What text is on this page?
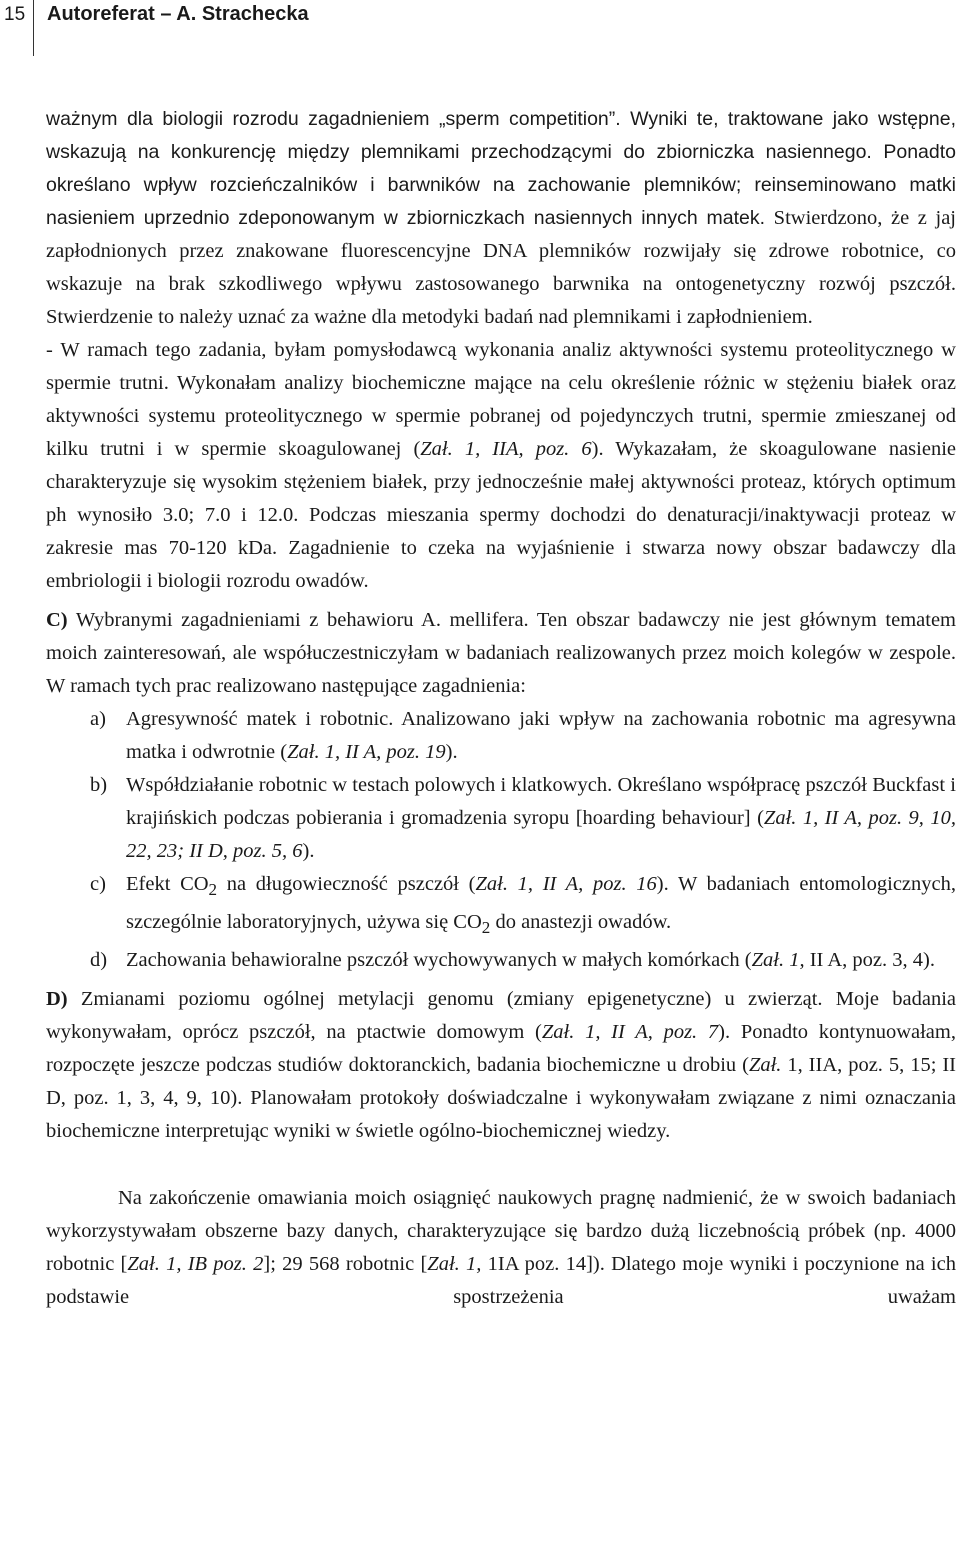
15 Autoreferat – A. Strachecka

ważnym dla biologii rozrodu zagadnieniem „sperm competition”. Wyniki te, traktowane jako wstępne, wskazują na konkurencję między plemnikami przechodzącymi do zbiorniczka nasiennego. Ponadto określano wpływ rozcieńczalników i barwników na zachowanie plemników; reinseminowano matki nasieniem uprzednio zdeponowanym w zbiorniczkach nasiennych innych matek. Stwierdzono, że z jaj zapłodnionych przez znakowane fluorescencyjne DNA plemników rozwijały się zdrowe robotnice, co wskazuje na brak szkodliwego wpływu zastosowanego barwnika na ontogenetyczny rozwój pszczół. Stwierdzenie to należy uznać za ważne dla metodyki badań nad plemnikami i zapłodnieniem.

- W ramach tego zadania, byłam pomysłodawcą wykonania analiz aktywności systemu proteolitycznego w spermie trutni. Wykonałam analizy biochemiczne mające na celu określenie różnic w stężeniu białek oraz aktywności systemu proteolitycznego w spermie pobranej od pojedynczych trutni, spermie zmieszanej od kilku trutni i w spermie skoagulowanej (Zał. 1, IIA, poz. 6). Wykazałam, że skoagulowane nasienie charakteryzuje się wysokim stężeniem białek, przy jednocześnie małej aktywności proteaz, których optimum ph wynosiło 3.0; 7.0 i 12.0. Podczas mieszania spermy dochodzi do denaturacji/inaktywacji proteaz w zakresie mas 70-120 kDa. Zagadnienie to czeka na wyjaśnienie i stwarza nowy obszar badawczy dla embriologii i biologii rozrodu owadów.

C) Wybranymi zagadnieniami z behawioru A. mellifera. Ten obszar badawczy nie jest głównym tematem moich zainteresowań, ale współuczestniczyłam w badaniach realizowanych przez moich kolegów w zespole. W ramach tych prac realizowano następujące zagadnienia:

a) Agresywność matek i robotnic. Analizowano jaki wpływ na zachowania robotnic ma agresywna matka i odwrotnie (Zał. 1, II A, poz. 19).
b) Współdziałanie robotnic w testach polowych i klatkowych. Określano współpracę pszczół Buckfast i krajińskich podczas pobierania i gromadzenia syropu [hoarding behaviour] (Zał. 1, II A, poz. 9, 10, 22, 23; II D, poz. 5, 6).
c) Efekt $CO_2$ na długowieczność pszczół (Zał. 1, II A, poz. 16). W badaniach entomologicznych, szczególnie laboratoryjnych, używa się $CO_2$ do anastezji owadów.
d) Zachowania behawioralne pszczół wychowywanych w małych komórkach (Zał. 1, II A, poz. 3, 4).

D) Zmianami poziomu ogólnej metylacji genomu (zmiany epigenetyczne) u zwierząt. Moje badania wykonywałam, oprócz pszczół, na ptactwie domowym (Zał. 1, II A, poz. 7). Ponadto kontynuowałam, rozpoczęte jeszcze podczas studiów doktoranckich, badania biochemiczne u drobiu (Zał. 1, IIA, poz. 5, 15; II D, poz. 1, 3, 4, 9, 10). Planowałam protokoły doświadczalne i wykonywałam związane z nimi oznaczania biochemiczne interpretując wyniki w świetle ogólno-biochemicznej wiedzy.

Na zakończenie omawiania moich osiągnięć naukowych pragnę nadmienić, że w swoich badaniach wykorzystywałam obszerne bazy danych, charakteryzujące się bardzo dużą liczebnością próbek (np. 4000 robotnic [Zał. 1, IB poz. 2]; 29 568 robotnic [Zał. 1, 1IA poz. 14]). Dlatego moje wyniki i poczynione na ich podstawie spostrzeżenia uważam
